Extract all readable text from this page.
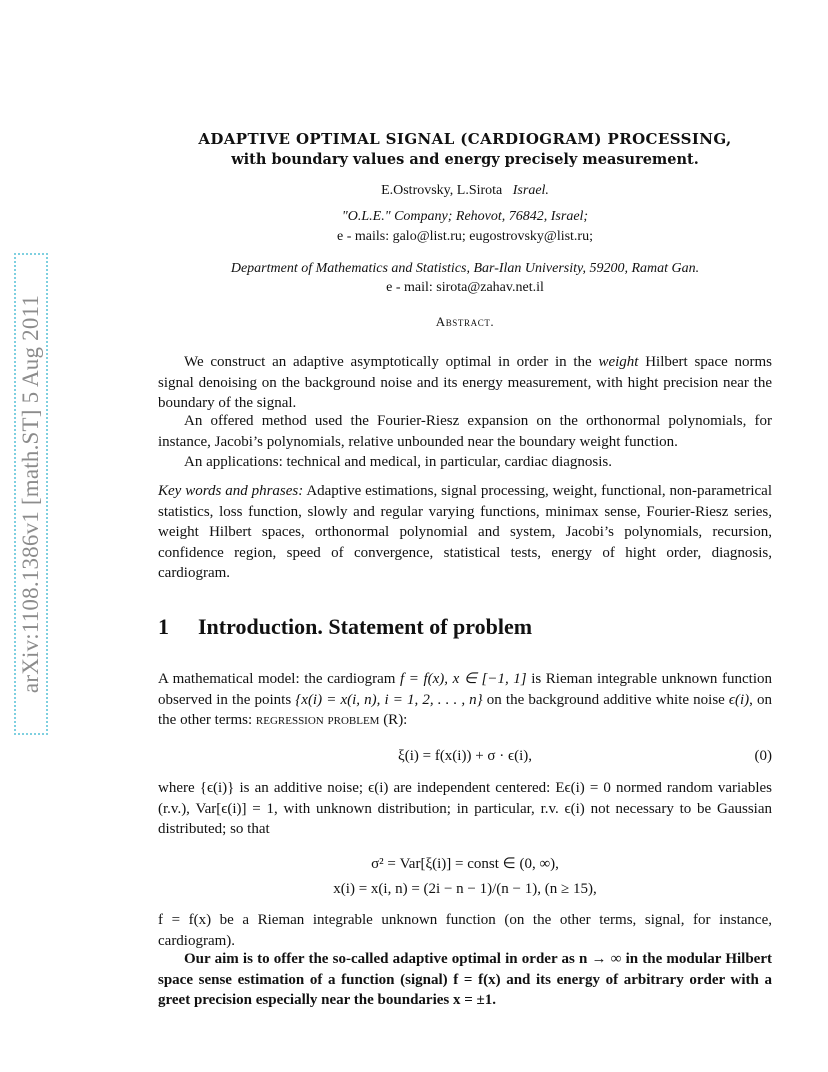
arXiv:1108.1386v1 [math.ST] 5 Aug 2011
ADAPTIVE OPTIMAL SIGNAL (CARDIOGRAM) PROCESSING,
with boundary values and energy precisely measurement.
E.Ostrovsky, L.Sirota Israel.
"O.L.E." Company; Rehovot, 76842, Israel;
e - mails: galo@list.ru; eugostrovsky@list.ru;
Department of Mathematics and Statistics, Bar-Ilan University, 59200, Ramat Gan.
e - mail: sirota@zahav.net.il
Abstract.
We construct an adaptive asymptotically optimal in order in the weight Hilbert space norms signal denoising on the background noise and its energy measurement, with hight precision near the boundary of the signal.
An offered method used the Fourier-Riesz expansion on the orthonormal polynomials, for instance, Jacobi’s polynomials, relative unbounded near the boundary weight function.
An applications: technical and medical, in particular, cardiac diagnosis.
Key words and phrases: Adaptive estimations, signal processing, weight, functional, non-parametrical statistics, loss function, slowly and regular varying functions, minimax sense, Fourier-Riesz series, weight Hilbert spaces, orthonormal polynomial and system, Jacobi’s polynomials, recursion, confidence region, speed of convergence, statistical tests, energy of hight order, diagnosis, cardiogram.
1 Introduction. Statement of problem
A mathematical model: the cardiogram f = f(x), x ∈ [−1, 1] is Rieman integrable unknown function observed in the points {x(i) = x(i, n), i = 1, 2, . . . , n} on the background additive white noise ϵ(i), on the other terms: regression problem (R):
ξ(i) = f(x(i)) + σ · ϵ(i),	(0)
where {ϵ(i)} is an additive noise; ϵ(i) are independent centered: Eϵ(i) = 0 normed random variables (r.v.), Var[ϵ(i)] = 1, with unknown distribution; in particular, r.v. ϵ(i) not necessary to be Gaussian distributed; so that
σ² = Var[ξ(i)] = const ∈ (0, ∞),
x(i) = x(i, n) = (2i − n − 1)/(n − 1), (n ≥ 15),
f = f(x) be a Rieman integrable unknown function (on the other terms, signal, for instance, cardiogram).
Our aim is to offer the so-called adaptive optimal in order as n → ∞ in the modular Hilbert space sense estimation of a function (signal) f = f(x) and its energy of arbitrary order with a greet precision especially near the boundaries x = ±1.
